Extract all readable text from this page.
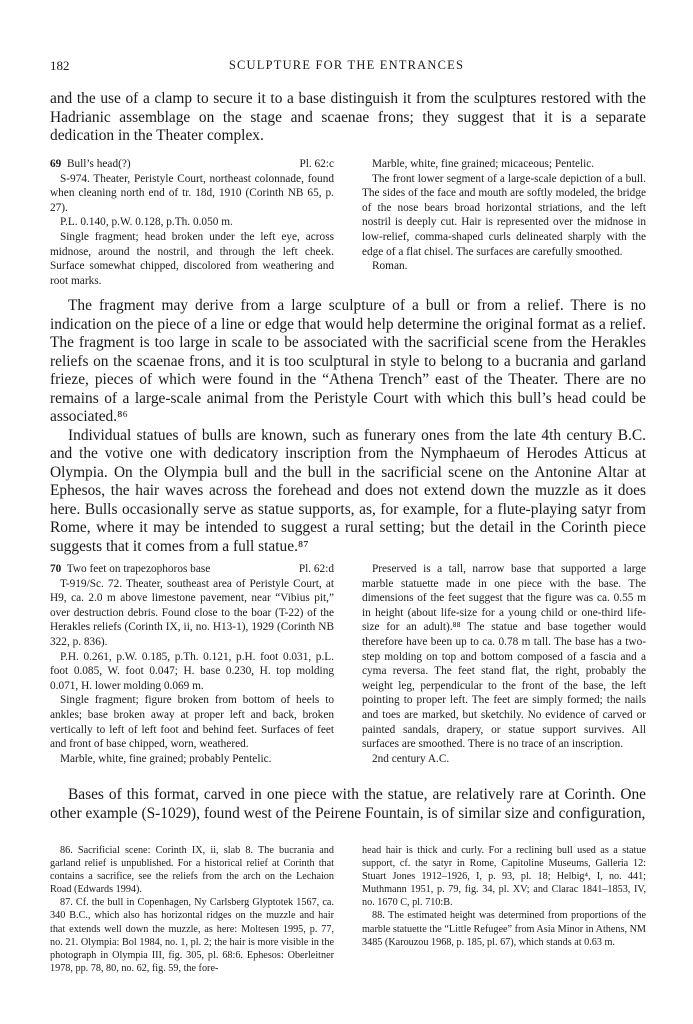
182	SCULPTURE FOR THE ENTRANCES

and the use of a clamp to secure it to a base distinguish it from the sculptures restored with the Hadrianic assemblage on the stage and scaenae frons; they suggest that it is a separate dedication in the Theater complex.

69 Bull’s head(?)	Pl. 62:c

S-974. Theater, Peristyle Court, northeast colonnade, found when cleaning north end of tr. 18d, 1910 (Corinth NB 65, p. 27).

P.L. 0.140, p.W. 0.128, p.Th. 0.050 m.

Single fragment; head broken under the left eye, across midnose, around the nostril, and through the left cheek. Surface somewhat chipped, discolored from weathering and root marks.

Marble, white, fine grained; micaceous; Pentelic.

The front lower segment of a large-scale depiction of a bull. The sides of the face and mouth are softly modeled, the bridge of the nose bears broad horizontal striations, and the left nostril is deeply cut. Hair is represented over the midnose in low-relief, comma-shaped curls delineated sharply with the edge of a flat chisel. The surfaces are carefully smoothed.

Roman.

The fragment may derive from a large sculpture of a bull or from a relief. There is no indication on the piece of a line or edge that would help determine the original format as a relief. The fragment is too large in scale to be associated with the sacrificial scene from the Herakles reliefs on the scaenae frons, and it is too sculptural in style to belong to a bucrania and garland frieze, pieces of which were found in the “Athena Trench” east of the Theater. There are no remains of a large-scale animal from the Peristyle Court with which this bull’s head could be associated.⁸⁶

Individual statues of bulls are known, such as funerary ones from the late 4th century B.C. and the votive one with dedicatory inscription from the Nymphaeum of Herodes Atticus at Olympia. On the Olympia bull and the bull in the sacrificial scene on the Antonine Altar at Ephesos, the hair waves across the forehead and does not extend down the muzzle as it does here. Bulls occasionally serve as statue supports, as, for example, for a flute-playing satyr from Rome, where it may be intended to suggest a rural setting; but the detail in the Corinth piece suggests that it comes from a full statue.⁸⁷

70 Two feet on trapezophoros base	Pl. 62:d

T-919/Sc. 72. Theater, southeast area of Peristyle Court, at H9, ca. 2.0 m above limestone pavement, near “Vibius pit,” over destruction debris. Found close to the boar (T-22) of the Herakles reliefs (Corinth IX, ii, no. H13-1), 1929 (Corinth NB 322, p. 836).

P.H. 0.261, p.W. 0.185, p.Th. 0.121, p.H. foot 0.031, p.L. foot 0.085, W. foot 0.047; H. base 0.230, H. top molding 0.071, H. lower molding 0.069 m.

Single fragment; figure broken from bottom of heels to ankles; base broken away at proper left and back, broken vertically to left of left foot and behind feet. Surfaces of feet and front of base chipped, worn, weathered.

Marble, white, fine grained; probably Pentelic.

Preserved is a tall, narrow base that supported a large marble statuette made in one piece with the base. The dimensions of the feet suggest that the figure was ca. 0.55 m in height (about life-size for a young child or one-third life-size for an adult).⁸⁸ The statue and base together would therefore have been up to ca. 0.78 m tall. The base has a two-step molding on top and bottom composed of a fascia and a cyma reversa. The feet stand flat, the right, probably the weight leg, perpendicular to the front of the base, the left pointing to proper left. The feet are simply formed; the nails and toes are marked, but sketchily. No evidence of carved or painted sandals, drapery, or statue support survives. All surfaces are smoothed. There is no trace of an inscription.

2nd century A.C.

Bases of this format, carved in one piece with the statue, are relatively rare at Corinth. One other example (S-1029), found west of the Peirene Fountain, is of similar size and configuration,

86. Sacrificial scene: Corinth IX, ii, slab 8. The bucrania and garland relief is unpublished. For a historical relief at Corinth that contains a sacrifice, see the reliefs from the arch on the Lechaion Road (Edwards 1994).

87. Cf. the bull in Copenhagen, Ny Carlsberg Glyptotek 1567, ca. 340 B.C., which also has horizontal ridges on the muzzle and hair that extends well down the muzzle, as here: Moltesen 1995, p. 77, no. 21. Olympia: Bol 1984, no. 1, pl. 2; the hair is more visible in the photograph in Olympia III, fig. 305, pl. 68:6. Ephesos: Oberleitner 1978, pp. 78, 80, no. 62, fig. 59, the fore-

head hair is thick and curly. For a reclining bull used as a statue support, cf. the satyr in Rome, Capitoline Museums, Galleria 12: Stuart Jones 1912–1926, I, p. 93, pl. 18; Helbig⁴, I, no. 441; Muthmann 1951, p. 79, fig. 34, pl. XV; and Clarac 1841–1853, IV, no. 1670 C, pl. 710:B.

88. The estimated height was determined from proportions of the marble statuette the “Little Refugee” from Asia Minor in Athens, NM 3485 (Karouzou 1968, p. 185, pl. 67), which stands at 0.63 m.
